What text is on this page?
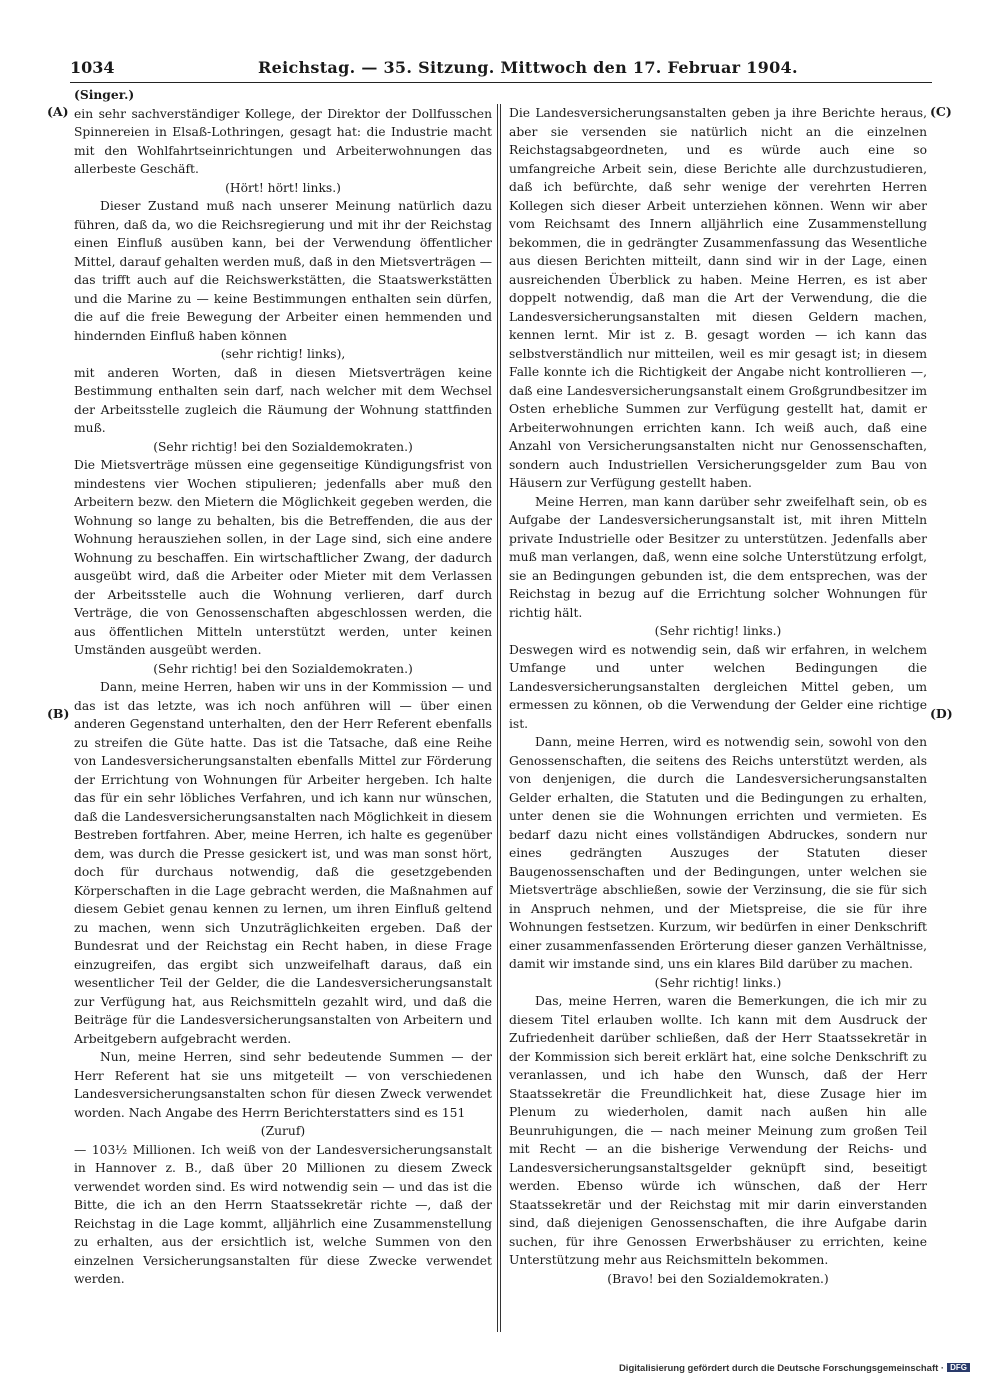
1034	Reichstag. — 35. Sitzung. Mittwoch den 17. Februar 1904.
(A)
(B)
(C)
(D)

(Singer.)

ein sehr sachverständiger Kollege, der Direktor der Dollfusschen Spinnereien in Elsaß-Lothringen, gesagt hat: die Industrie macht mit den Wohlfahrtseinrichtungen und Arbeiterwohnungen das allerbeste Geschäft.

(Hört! hört! links.)

Dieser Zustand muß nach unserer Meinung natürlich dazu führen, daß da, wo die Reichsregierung und mit ihr der Reichstag einen Einfluß ausüben kann, bei der Verwendung öffentlicher Mittel, darauf gehalten werden muß, daß in den Mietsverträgen — das trifft auch auf die Reichswerkstätten, die Staatswerkstätten und die Marine zu — keine Bestimmungen enthalten sein dürfen, die auf die freie Bewegung der Arbeiter einen hemmenden und hindernden Einfluß haben können

(sehr richtig! links),

mit anderen Worten, daß in diesen Mietsverträgen keine Bestimmung enthalten sein darf, nach welcher mit dem Wechsel der Arbeitsstelle zugleich die Räumung der Wohnung stattfinden muß.

(Sehr richtig! bei den Sozialdemokraten.)

Die Mietsverträge müssen eine gegenseitige Kündigungsfrist von mindestens vier Wochen stipulieren; jedenfalls aber muß den Arbeitern bezw. den Mietern die Möglichkeit gegeben werden, die Wohnung so lange zu behalten, bis die Betreffenden, die aus der Wohnung herausziehen sollen, in der Lage sind, sich eine andere Wohnung zu beschaffen. Ein wirtschaftlicher Zwang, der dadurch ausgeübt wird, daß die Arbeiter oder Mieter mit dem Verlassen der Arbeitsstelle auch die Wohnung verlieren, darf durch Verträge, die von Genossenschaften abgeschlossen werden, die aus öffentlichen Mitteln unterstützt werden, unter keinen Umständen ausgeübt werden.

(Sehr richtig! bei den Sozialdemokraten.)

Dann, meine Herren, haben wir uns in der Kommission — und das ist das letzte, was ich noch anführen will — über einen anderen Gegenstand unterhalten, den der Herr Referent ebenfalls zu streifen die Güte hatte. Das ist die Tatsache, daß eine Reihe von Landesversicherungsanstalten ebenfalls Mittel zur Förderung der Errichtung von Wohnungen für Arbeiter hergeben. Ich halte das für ein sehr löbliches Verfahren, und ich kann nur wünschen, daß die Landesversicherungsanstalten nach Möglichkeit in diesem Bestreben fortfahren. Aber, meine Herren, ich halte es gegenüber dem, was durch die Presse gesickert ist, und was man sonst hört, doch für durchaus notwendig, daß die gesetzgebenden Körperschaften in die Lage gebracht werden, die Maßnahmen auf diesem Gebiet genau kennen zu lernen, um ihren Einfluß geltend zu machen, wenn sich Unzuträglichkeiten ergeben. Daß der Bundesrat und der Reichstag ein Recht haben, in diese Frage einzugreifen, das ergibt sich unzweifelhaft daraus, daß ein wesentlicher Teil der Gelder, die die Landesversicherungsanstalt zur Verfügung hat, aus Reichsmitteln gezahlt wird, und daß die Beiträge für die Landesversicherungsanstalten von Arbeitern und Arbeitgebern aufgebracht werden.

Nun, meine Herren, sind sehr bedeutende Summen — der Herr Referent hat sie uns mitgeteilt — von verschiedenen Landesversicherungsanstalten schon für diesen Zweck verwendet worden. Nach Angabe des Herrn Berichterstatters sind es 151

(Zuruf)

— 103½ Millionen. Ich weiß von der Landesversicherungsanstalt in Hannover z. B., daß über 20 Millionen zu diesem Zweck verwendet worden sind. Es wird notwendig sein — und das ist die Bitte, die ich an den Herrn Staatssekretär richte —, daß der Reichstag in die Lage kommt, alljährlich eine Zusammenstellung zu erhalten, aus der ersichtlich ist, welche Summen von den einzelnen Versicherungsanstalten für diese Zwecke verwendet werden.

Die Landesversicherungsanstalten geben ja ihre Berichte heraus, aber sie versenden sie natürlich nicht an die einzelnen Reichstagsabgeordneten, und es würde auch eine so umfangreiche Arbeit sein, diese Berichte alle durchzustudieren, daß ich befürchte, daß sehr wenige der verehrten Herren Kollegen sich dieser Arbeit unterziehen können. Wenn wir aber vom Reichsamt des Innern alljährlich eine Zusammenstellung bekommen, die in gedrängter Zusammenfassung das Wesentliche aus diesen Berichten mitteilt, dann sind wir in der Lage, einen ausreichenden Überblick zu haben. Meine Herren, es ist aber doppelt notwendig, daß man die Art der Verwendung, die die Landesversicherungsanstalten mit diesen Geldern machen, kennen lernt. Mir ist z. B. gesagt worden — ich kann das selbstverständlich nur mitteilen, weil es mir gesagt ist; in diesem Falle konnte ich die Richtigkeit der Angabe nicht kontrollieren —, daß eine Landesversicherungsanstalt einem Großgrundbesitzer im Osten erhebliche Summen zur Verfügung gestellt hat, damit er Arbeiterwohnungen errichten kann. Ich weiß auch, daß eine Anzahl von Versicherungsanstalten nicht nur Genossenschaften, sondern auch Industriellen Versicherungsgelder zum Bau von Häusern zur Verfügung gestellt haben.

Meine Herren, man kann darüber sehr zweifelhaft sein, ob es Aufgabe der Landesversicherungsanstalt ist, mit ihren Mitteln private Industrielle oder Besitzer zu unterstützen. Jedenfalls aber muß man verlangen, daß, wenn eine solche Unterstützung erfolgt, sie an Bedingungen gebunden ist, die dem entsprechen, was der Reichstag in bezug auf die Errichtung solcher Wohnungen für richtig hält.

(Sehr richtig! links.)

Deswegen wird es notwendig sein, daß wir erfahren, in welchem Umfange und unter welchen Bedingungen die Landesversicherungsanstalten dergleichen Mittel geben, um ermessen zu können, ob die Verwendung der Gelder eine richtige ist.

Dann, meine Herren, wird es notwendig sein, sowohl von den Genossenschaften, die seitens des Reichs unterstützt werden, als von denjenigen, die durch die Landesversicherungsanstalten Gelder erhalten, die Statuten und die Bedingungen zu erhalten, unter denen sie die Wohnungen errichten und vermieten. Es bedarf dazu nicht eines vollständigen Abdruckes, sondern nur eines gedrängten Auszuges der Statuten dieser Baugenossenschaften und der Bedingungen, unter welchen sie Mietsverträge abschließen, sowie der Verzinsung, die sie für sich in Anspruch nehmen, und der Mietspreise, die sie für ihre Wohnungen festsetzen. Kurzum, wir bedürfen in einer Denkschrift einer zusammenfassenden Erörterung dieser ganzen Verhältnisse, damit wir imstande sind, uns ein klares Bild darüber zu machen.

(Sehr richtig! links.)

Das, meine Herren, waren die Bemerkungen, die ich mir zu diesem Titel erlauben wollte. Ich kann mit dem Ausdruck der Zufriedenheit darüber schließen, daß der Herr Staatssekretär in der Kommission sich bereit erklärt hat, eine solche Denkschrift zu veranlassen, und ich habe den Wunsch, daß der Herr Staatssekretär die Freundlichkeit hat, diese Zusage hier im Plenum zu wiederholen, damit nach außen hin alle Beunruhigungen, die — nach meiner Meinung zum großen Teil mit Recht — an die bisherige Verwendung der Reichs- und Landesversicherungsanstaltsgelder geknüpft sind, beseitigt werden. Ebenso würde ich wünschen, daß der Herr Staatssekretär und der Reichstag mit mir darin einverstanden sind, daß diejenigen Genossenschaften, die ihre Aufgabe darin suchen, für ihre Genossen Erwerbshäuser zu errichten, keine Unterstützung mehr aus Reichsmitteln bekommen.

(Bravo! bei den Sozialdemokraten.)

Digitalisierung gefördert durch die Deutsche Forschungsgemeinschaft · DFG
